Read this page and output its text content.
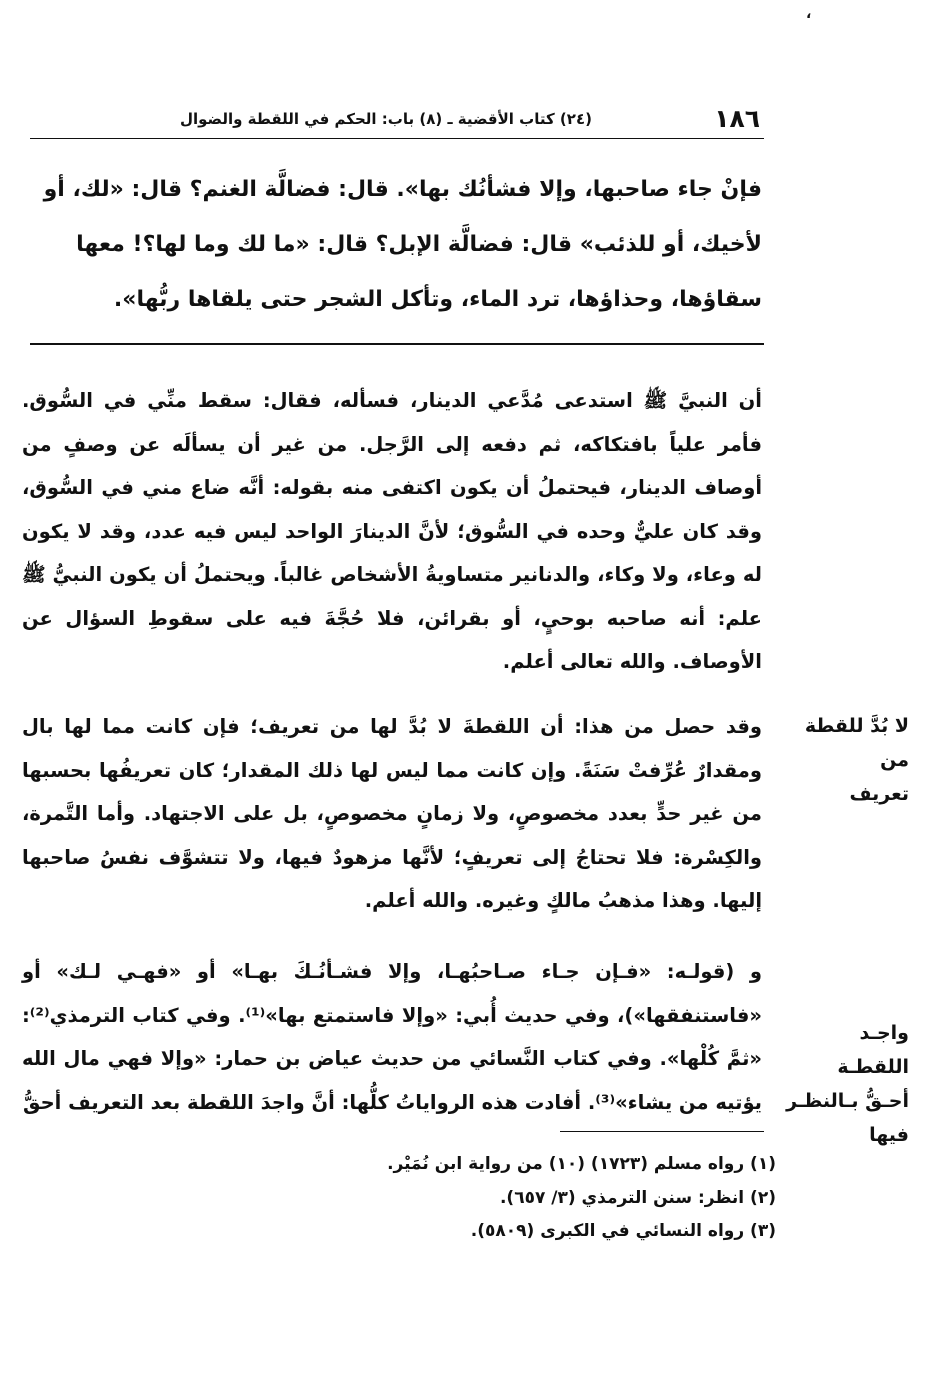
،
١٨٦
(٢٤) كتاب الأقضية ـ (٨) باب: الحكم في اللقطة والضوال
فإنْ جاء صاحبها، وإلا فشأنُك بها». قال: فضالَّة الغنم؟ قال: «لك، أو
لأخيك، أو للذئب» قال: فضالَّة الإبل؟ قال: «ما لك وما لها؟! معها
سقاؤها، وحذاؤها، ترد الماء، وتأكل الشجر حتى يلقاها ربُّها».
أن النبيَّ ﷺ استدعى مُدَّعي الدينار، فسأله، فقال: سقط منِّي في السُّوق. فأمر علياً بافتكاكه، ثم دفعه إلى الرَّجل. من غير أن يسألَه عن وصفٍ من أوصاف الدينار، فيحتملُ أن يكون اكتفى منه بقوله: أنَّه ضاع مني في السُّوق، وقد كان عليٌّ وحده في السُّوق؛ لأنَّ الدينارَ الواحد ليس فيه عدد، وقد لا يكون له وعاء، ولا وكاء، والدنانير متساويةُ الأشخاص غالباً. ويحتملُ أن يكون النبيُّ ﷺ علم: أنه صاحبه بوحيٍ، أو بقرائن، فلا حُجَّةَ فيه على سقوطِ السؤال عن الأوصاف. والله تعالى أعلم.
لا بُدَّ للقطة من
تعريف
وقد حصل من هذا: أن اللقطةَ لا بُدَّ لها من تعريف؛ فإن كانت مما لها بال ومقدارٌ عُرِّفتْ سَنَةً. وإن كانت مما ليس لها ذلك المقدار؛ كان تعريفُها بحسبها من غير حدٍّ بعدد مخصوصٍ، ولا زمانٍ مخصوصٍ، بل على الاجتهاد. وأما التَّمرة، والكِسْرة: فلا تحتاجُ إلى تعريفٍ؛ لأنَّها مزهودٌ فيها، ولا تتشوَّف نفسُ صاحبها إليها. وهذا مذهبُ مالكٍ وغيره. والله أعلم.
واجـد اللقطـة
أحـقُّ بـالنظـر
فيها
و (قولـه: «فـإن جـاء صـاحبُهـا، وإلا فشـأنُـكَ بهـا» أو «فهـي لـك» أو «فاستنفقها»)، وفي حديث أُبي: «وإلا فاستمتع بها»⁽¹⁾. وفي كتاب الترمذي⁽²⁾: «ثمَّ كُلْها». وفي كتاب النَّسائي من حديث عياض بن حمار: «وإلا فهي مال الله يؤتيه من يشاء»⁽³⁾. أفادت هذه الرواياتُ كلُّها: أنَّ واجدَ اللقطة بعد التعريف أحقُّ
(١) رواه مسلم (١٧٢٣) (١٠) من رواية ابن نُمَيْر.
(٢) انظر: سنن الترمذي (٣/ ٦٥٧).
(٣) رواه النسائي في الكبرى (٥٨٠٩).
